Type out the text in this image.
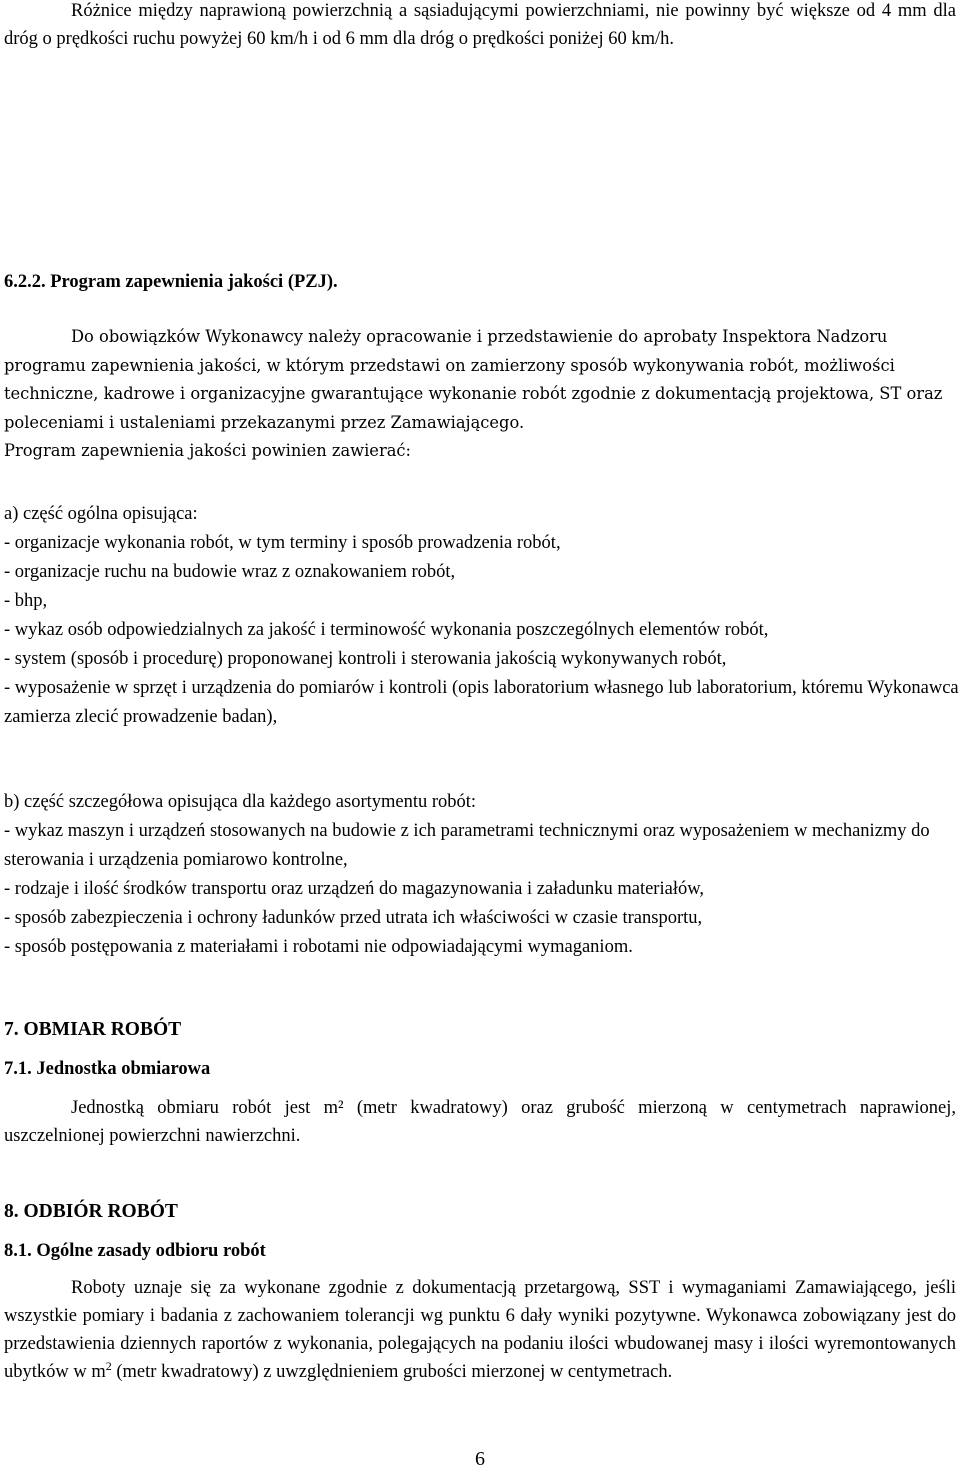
Różnice między naprawioną powierzchnią a sąsiadującymi powierzchniami, nie powinny być większe od 4 mm dla dróg o prędkości ruchu powyżej 60 km/h i od 6 mm dla dróg o prędkości poniżej 60 km/h.

6.2.2. Program zapewnienia jakości (PZJ).

Do obowiązków Wykonawcy należy opracowanie i przedstawienie do aprobaty Inspektora Nadzoru programu zapewnienia jakości, w którym przedstawi on zamierzony sposób wykonywania robót, możliwości techniczne, kadrowe i organizacyjne gwarantujące wykonanie robót zgodnie z dokumentacją projektowa, ST oraz poleceniami i ustaleniami przekazanymi przez Zamawiającego.

Program zapewnienia jakości powinien zawierać:

a) część ogólna opisująca:

- organizacje wykonania robót, w tym terminy i sposób prowadzenia robót,

- organizacje ruchu na budowie wraz z oznakowaniem robót,

- bhp,

- wykaz osób odpowiedzialnych za jakość i terminowość wykonania poszczególnych elementów robót,

- system (sposób i procedurę) proponowanej kontroli i sterowania jakością wykonywanych robót,

- wyposażenie w sprzęt i urządzenia do pomiarów i kontroli (opis laboratorium własnego lub laboratorium, któremu Wykonawca zamierza zlecić prowadzenie badan),

b) część szczegółowa opisująca dla każdego asortymentu robót:

- wykaz maszyn i urządzeń stosowanych na budowie z ich parametrami technicznymi oraz wyposażeniem w mechanizmy do sterowania i urządzenia pomiarowo kontrolne,

- rodzaje i ilość środków transportu oraz urządzeń do magazynowania i załadunku materiałów,

- sposób zabezpieczenia i ochrony ładunków przed utrata ich właściwości w czasie transportu,

- sposób postępowania z materiałami i robotami nie odpowiadającymi wymaganiom.

7. OBMIAR ROBÓT

7.1. Jednostka obmiarowa

Jednostką obmiaru robót jest m² (metr kwadratowy) oraz grubość mierzoną w centymetrach naprawionej, uszczelnionej powierzchni nawierzchni.

8. ODBIÓR ROBÓT

8.1. Ogólne zasady odbioru robót

Roboty uznaje się za wykonane zgodnie z dokumentacją przetargową, SST i wymaganiami Zamawiającego, jeśli wszystkie pomiary i badania z zachowaniem tolerancji wg punktu 6 dały wyniki pozytywne. Wykonawca zobowiązany jest do przedstawienia dziennych raportów z wykonania, polegających na podaniu ilości wbudowanej masy i ilości wyremontowanych ubytków w $m^2$ (metr kwadratowy) z uwzględnieniem grubości mierzonej w centymetrach.

6
